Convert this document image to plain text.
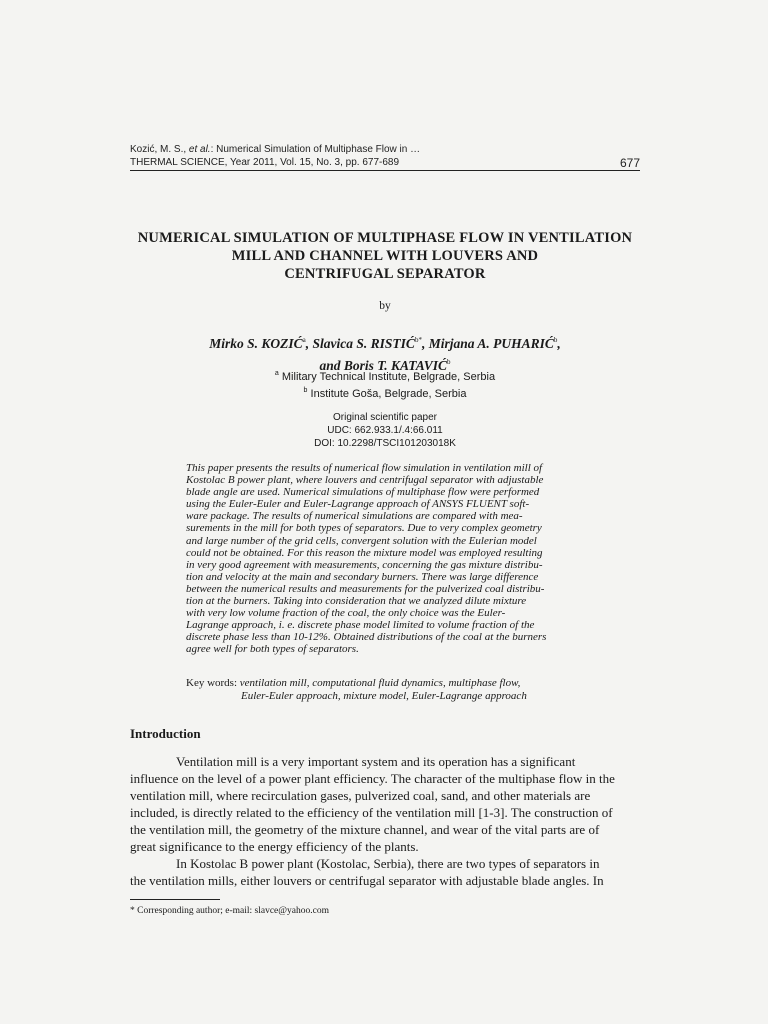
Kozić, M. S., et al.: Numerical Simulation of Multiphase Flow in …
THERMAL SCIENCE, Year 2011, Vol. 15, No. 3, pp. 677-689	677
NUMERICAL SIMULATION OF MULTIPHASE FLOW IN VENTILATION
MILL AND CHANNEL WITH LOUVERS AND
CENTRIFUGAL SEPARATOR
by
Mirko S. KOZIĆ$^a$, Slavica S. $RISTIĆ^{b*}$, Mirjana A. PUHARIĆ$^b$,
and Boris T. KATAVIĆ$^b$
$^a$ Military Technical Institute, Belgrade, Serbia
$^b$ Institute Goša, Belgrade, Serbia
Original scientific paper
UDC: 662.933.1/.4:66.011
DOI: 10.2298/TSCI101203018K
This paper presents the results of numerical flow simulation in ventilation mill of
Kostolac B power plant, where louvers and centrifugal separator with adjustable
blade angle are used. Numerical simulations of multiphase flow were performed
using the Euler-Euler and Euler-Lagrange approach of ANSYS FLUENT soft-
ware package. The results of numerical simulations are compared with mea-
surements in the mill for both types of separators. Due to very complex geometry
and large number of the grid cells, convergent solution with the Eulerian model
could not be obtained. For this reason the mixture model was employed resulting
in very good agreement with measurements, concerning the gas mixture distribu-
tion and velocity at the main and secondary burners. There was large difference
between the numerical results and measurements for the pulverized coal distribu-
tion at the burners. Taking into consideration that we analyzed dilute mixture
with very low volume fraction of the coal, the only choice was the Euler-
Lagrange approach, i. e. discrete phase model limited to volume fraction of the
discrete phase less than 10-12%. Obtained distributions of the coal at the burners
agree well for both types of separators.
Key words: ventilation mill, computational fluid dynamics, multiphase flow,
Euler-Euler approach, mixture model, Euler-Lagrange approach
Introduction
Ventilation mill is a very important system and its operation has a significant
influence on the level of a power plant efficiency. The character of the multiphase flow in the
ventilation mill, where recirculation gases, pulverized coal, sand, and other materials are
included, is directly related to the efficiency of the ventilation mill [1-3]. The construction of
the ventilation mill, the geometry of the mixture channel, and wear of the vital parts are of
great significance to the energy efficiency of the plants.
In Kostolac B power plant (Kostolac, Serbia), there are two types of separators in
the ventilation mills, either louvers or centrifugal separator with adjustable blade angles. In
* Corresponding author; e-mail: slavce@yahoo.com
